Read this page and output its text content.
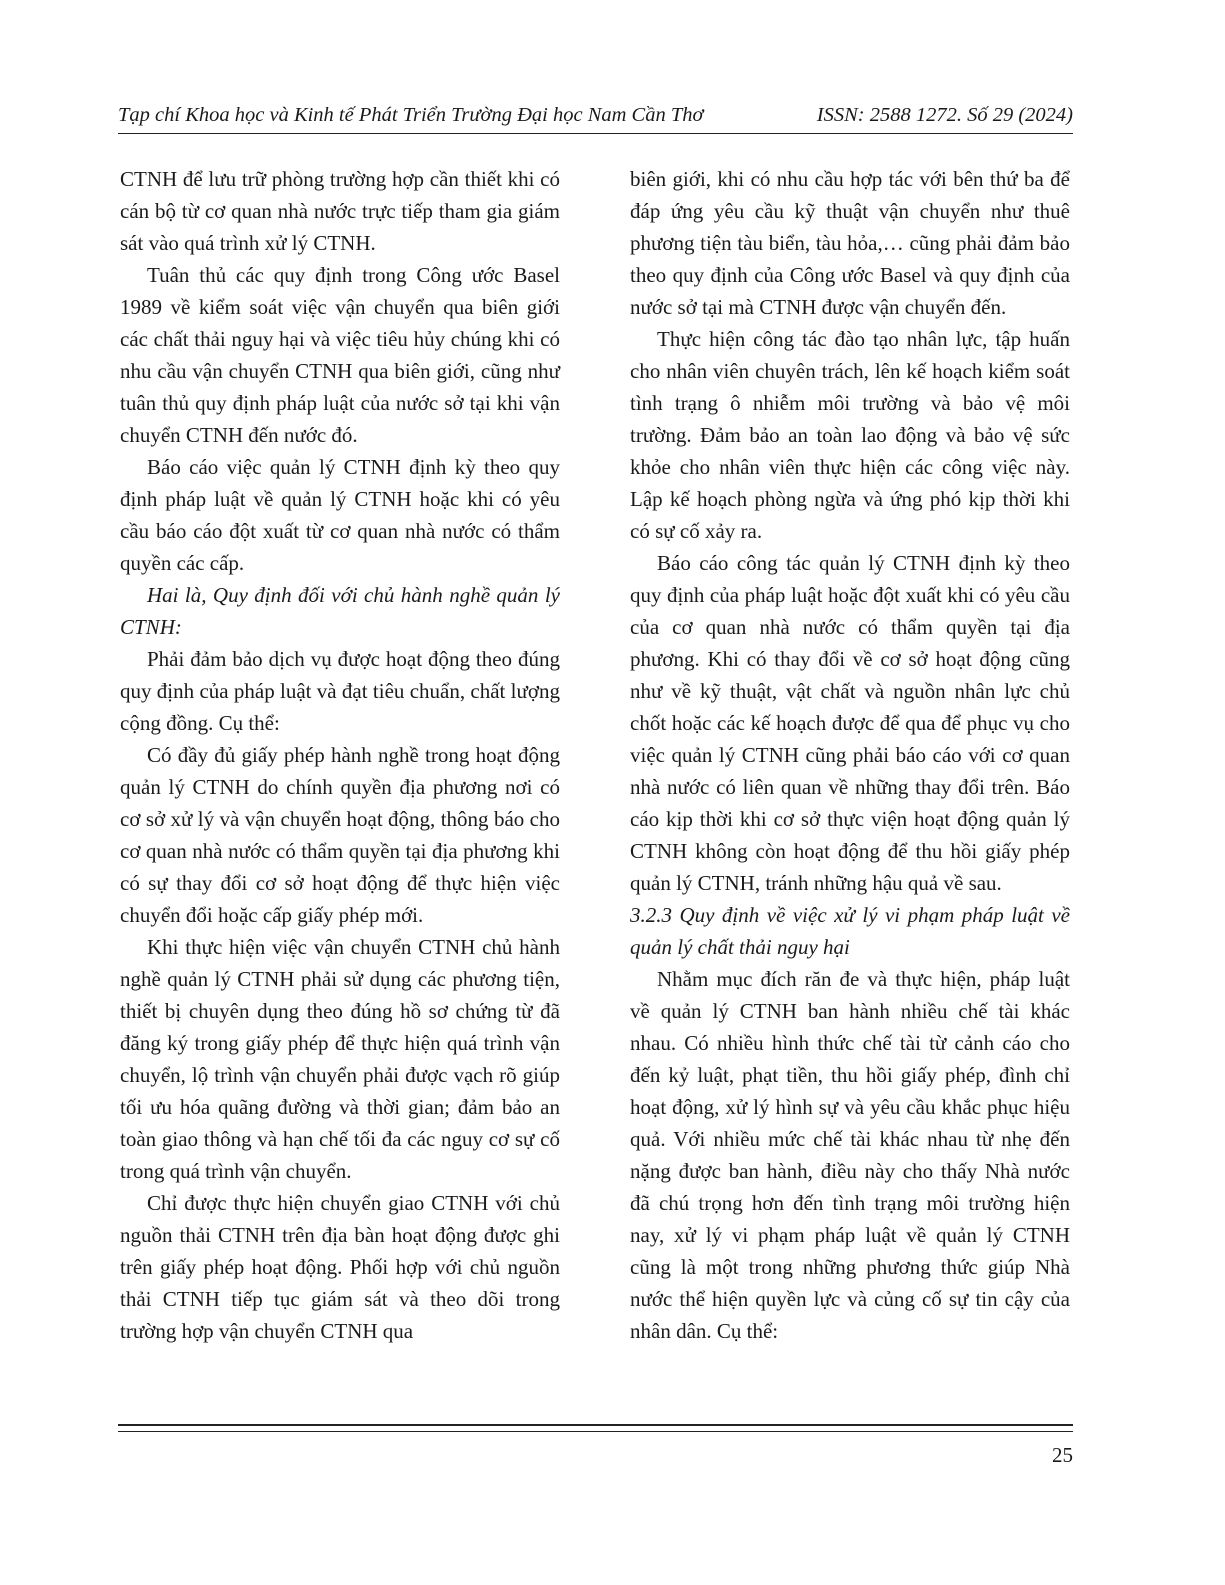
Tạp chí Khoa học và Kinh tế Phát Triển Trường Đại học Nam Cần Thơ	ISSN: 2588 1272. Số 29 (2024)

CTNH để lưu trữ phòng trường hợp cần thiết khi có cán bộ từ cơ quan nhà nước trực tiếp tham gia giám sát vào quá trình xử lý CTNH.

Tuân thủ các quy định trong Công ước Basel 1989 về kiểm soát việc vận chuyển qua biên giới các chất thải nguy hại và việc tiêu hủy chúng khi có nhu cầu vận chuyển CTNH qua biên giới, cũng như tuân thủ quy định pháp luật của nước sở tại khi vận chuyển CTNH đến nước đó.

Báo cáo việc quản lý CTNH định kỳ theo quy định pháp luật về quản lý CTNH hoặc khi có yêu cầu báo cáo đột xuất từ cơ quan nhà nước có thẩm quyền các cấp.

Hai là, Quy định đối với chủ hành nghề quản lý CTNH:

Phải đảm bảo dịch vụ được hoạt động theo đúng quy định của pháp luật và đạt tiêu chuẩn, chất lượng cộng đồng. Cụ thể:

Có đầy đủ giấy phép hành nghề trong hoạt động quản lý CTNH do chính quyền địa phương nơi có cơ sở xử lý và vận chuyển hoạt động, thông báo cho cơ quan nhà nước có thẩm quyền tại địa phương khi có sự thay đổi cơ sở hoạt động để thực hiện việc chuyển đổi hoặc cấp giấy phép mới.

Khi thực hiện việc vận chuyển CTNH chủ hành nghề quản lý CTNH phải sử dụng các phương tiện, thiết bị chuyên dụng theo đúng hồ sơ chứng từ đã đăng ký trong giấy phép để thực hiện quá trình vận chuyển, lộ trình vận chuyển phải được vạch rõ giúp tối ưu hóa quãng đường và thời gian; đảm bảo an toàn giao thông và hạn chế tối đa các nguy cơ sự cố trong quá trình vận chuyển.

Chỉ được thực hiện chuyển giao CTNH với chủ nguồn thải CTNH trên địa bàn hoạt động được ghi trên giấy phép hoạt động. Phối hợp với chủ nguồn thải CTNH tiếp tục giám sát và theo dõi trong trường hợp vận chuyển CTNH qua

biên giới, khi có nhu cầu hợp tác với bên thứ ba để đáp ứng yêu cầu kỹ thuật vận chuyển như thuê phương tiện tàu biển, tàu hỏa,… cũng phải đảm bảo theo quy định của Công ước Basel và quy định của nước sở tại mà CTNH được vận chuyển đến.

Thực hiện công tác đào tạo nhân lực, tập huấn cho nhân viên chuyên trách, lên kế hoạch kiểm soát tình trạng ô nhiễm môi trường và bảo vệ môi trường. Đảm bảo an toàn lao động và bảo vệ sức khỏe cho nhân viên thực hiện các công việc này. Lập kế hoạch phòng ngừa và ứng phó kịp thời khi có sự cố xảy ra.

Báo cáo công tác quản lý CTNH định kỳ theo quy định của pháp luật hoặc đột xuất khi có yêu cầu của cơ quan nhà nước có thẩm quyền tại địa phương. Khi có thay đổi về cơ sở hoạt động cũng như về kỹ thuật, vật chất và nguồn nhân lực chủ chốt hoặc các kế hoạch được để qua để phục vụ cho việc quản lý CTNH cũng phải báo cáo với cơ quan nhà nước có liên quan về những thay đổi trên. Báo cáo kịp thời khi cơ sở thực viện hoạt động quản lý CTNH không còn hoạt động để thu hồi giấy phép quản lý CTNH, tránh những hậu quả về sau.

3.2.3 Quy định về việc xử lý vi phạm pháp luật về quản lý chất thải nguy hại

Nhằm mục đích răn đe và thực hiện, pháp luật về quản lý CTNH ban hành nhiều chế tài khác nhau. Có nhiều hình thức chế tài từ cảnh cáo cho đến kỷ luật, phạt tiền, thu hồi giấy phép, đình chỉ hoạt động, xử lý hình sự và yêu cầu khắc phục hiệu quả. Với nhiều mức chế tài khác nhau từ nhẹ đến nặng được ban hành, điều này cho thấy Nhà nước đã chú trọng hơn đến tình trạng môi trường hiện nay, xử lý vi phạm pháp luật về quản lý CTNH cũng là một trong những phương thức giúp Nhà nước thể hiện quyền lực và củng cố sự tin cậy của nhân dân. Cụ thể:

25
